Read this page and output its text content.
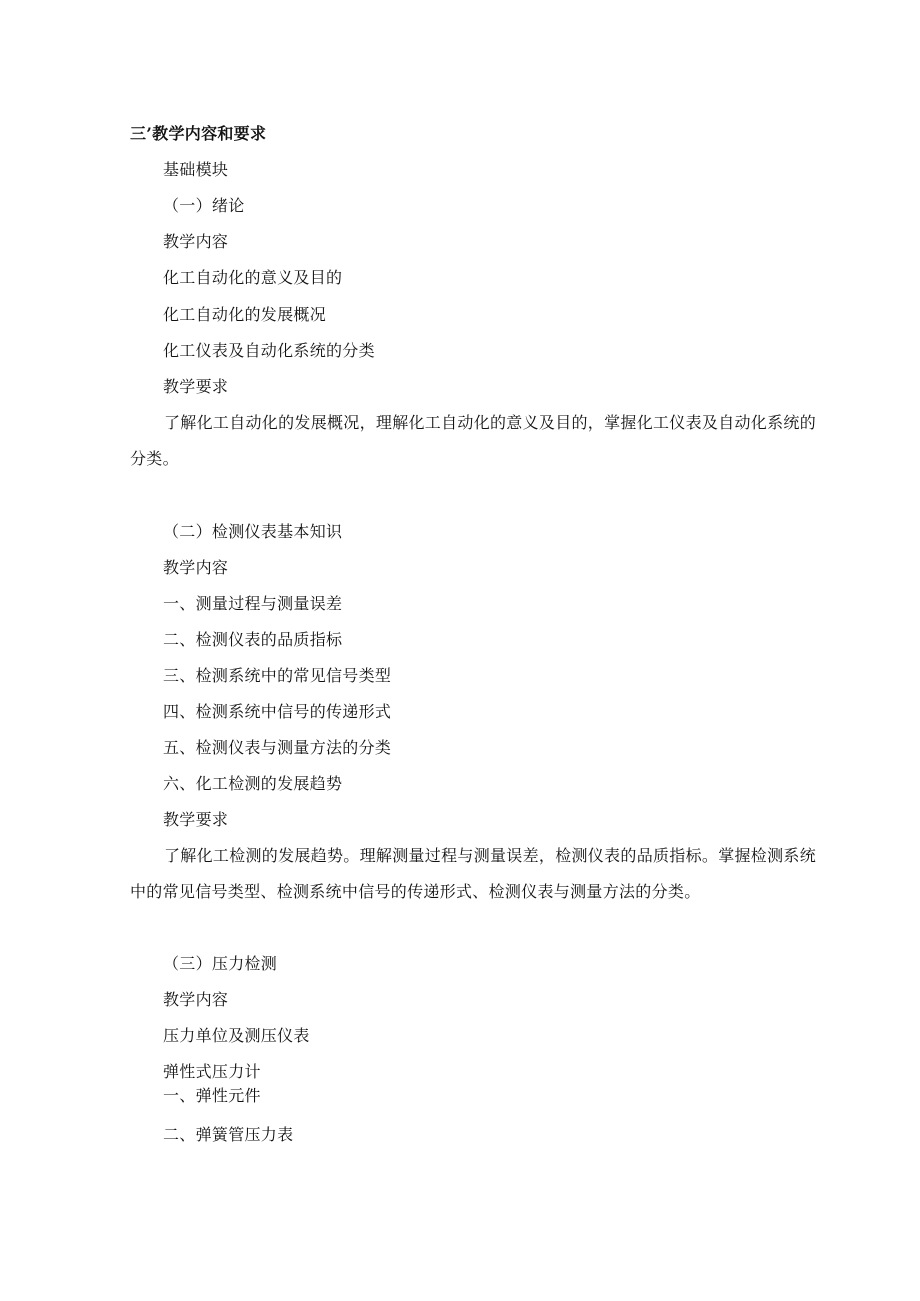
三’教学内容和要求
基础模块
（一）绪论
教学内容
化工自动化的意义及目的
化工自动化的发展概况
化工仪表及自动化系统的分类
教学要求
了解化工自动化的发展概况，理解化工自动化的意义及目的，掌握化工仪表及自动化系统的分类。
（二）检测仪表基本知识
教学内容
一、测量过程与测量误差
二、检测仪表的品质指标
三、检测系统中的常见信号类型
四、检测系统中信号的传递形式
五、检测仪表与测量方法的分类
六、化工检测的发展趋势
教学要求
了解化工检测的发展趋势。理解测量过程与测量误差，检测仪表的品质指标。掌握检测系统中的常见信号类型、检测系统中信号的传递形式、检测仪表与测量方法的分类。
（三）压力检测
教学内容
压力单位及测压仪表
弹性式压力计
一、弹性元件
二、弹簧管压力表
